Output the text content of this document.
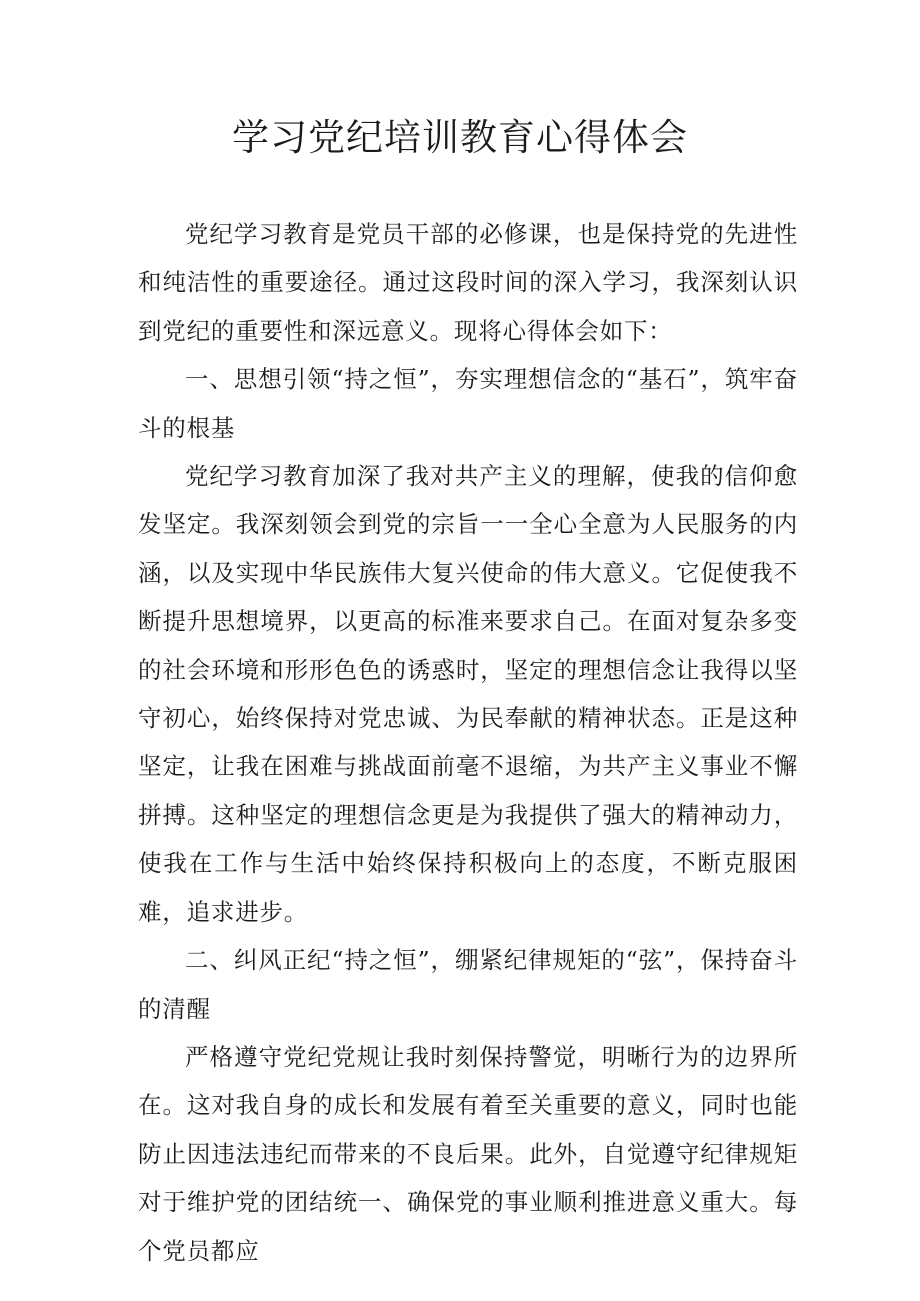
学习党纪培训教育心得体会

党纪学习教育是党员干部的必修课，也是保持党的先进性和纯洁性的重要途径。通过这段时间的深入学习，我深刻认识到党纪的重要性和深远意义。现将心得体会如下：

一、思想引领“持之恒”，夯实理想信念的“基石”，筑牢奋斗的根基

党纪学习教育加深了我对共产主义的理解，使我的信仰愈发坚定。我深刻领会到党的宗旨一一全心全意为人民服务的内涵，以及实现中华民族伟大复兴使命的伟大意义。它促使我不断提升思想境界，以更高的标准来要求自己。在面对复杂多变的社会环境和形形色色的诱惑时，坚定的理想信念让我得以坚守初心，始终保持对党忠诚、为民奉献的精神状态。正是这种坚定，让我在困难与挑战面前毫不退缩，为共产主义事业不懈拼搏。这种坚定的理想信念更是为我提供了强大的精神动力，使我在工作与生活中始终保持积极向上的态度，不断克服困难，追求进步。

二、纠风正纪“持之恒”，绷紧纪律规矩的“弦”，保持奋斗的清醒

严格遵守党纪党规让我时刻保持警觉，明晰行为的边界所在。这对我自身的成长和发展有着至关重要的意义，同时也能防止因违法违纪而带来的不良后果。此外，自觉遵守纪律规矩对于维护党的团结统一、确保党的事业顺利推进意义重大。每个党员都应
